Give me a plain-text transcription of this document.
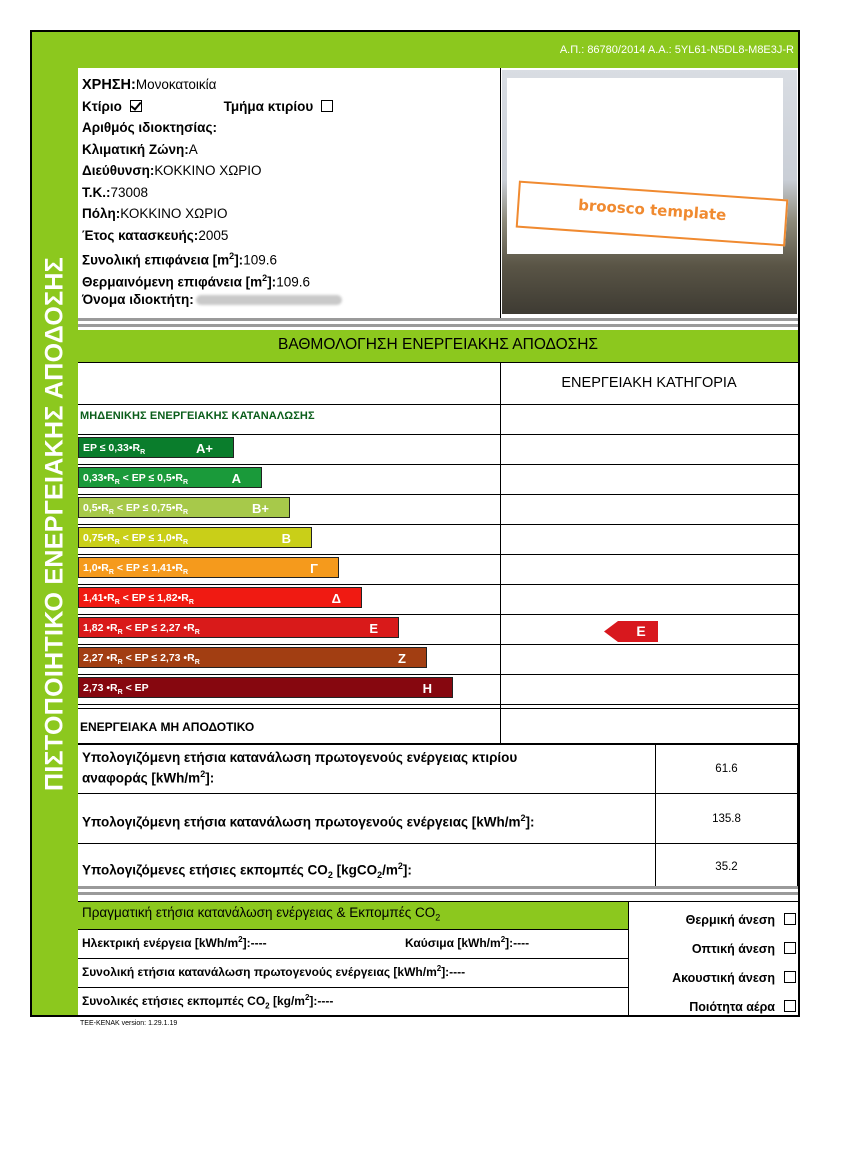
ΠΙΣΤΟΠΟΙΗΤΙΚΟ ΕΝΕΡΓΕΙΑΚΗΣ ΑΠΟΔΟΣΗΣ
Α.Π.: 86780/2014 Α.Α.: 5YL61-N5DL8-M8E3J-R
ΧΡΗΣΗ:Μονοκατοικία
Κτίριο	Τμήμα κτιρίου
Αριθμός ιδιοκτησίας:
Κλιματική Ζώνη:Α
Διεύθυνση:ΚΟΚΚΙΝΟ ΧΩΡΙΟ
Τ.Κ.:73008
Πόλη:ΚΟΚΚΙΝΟ ΧΩΡΙΟ
Έτος κατασκευής:2005
Συνολική επιφάνεια $[m^2]:109.6$
Θερμαινόμενη επιφάνεια $[m^2]:109.6$
Όνομα ιδιοκτήτη:
broosco template
ΒΑΘΜΟΛΟΓΗΣΗ ΕΝΕΡΓΕΙΑΚΗΣ ΑΠΟΔΟΣΗΣ
ΕΝΕΡΓΕΙΑΚΗ ΚΑΤΗΓΟΡΙΑ
ΜΗΔΕΝΙΚΗΣ ΕΝΕΡΓΕΙΑΚΗΣ ΚΑΤΑΝΑΛΩΣΗΣ
ΕΝΕΡΓΕΙΑΚΑ ΜΗ ΑΠΟΔΟΤΙΚΟ
EP ≤ $0,33•R_R$	A+
$0,33•R_R$ < EP ≤ $0,5•R_R$	A
$0,5•R_R$ < EP ≤ $0,75•R_R$	B+
$0,75•R_R$ < EP ≤ $1,0•R_R$	B
$1,0•R_R$ < EP ≤ $1,41•R_R$	Γ
$1,41•R_R$ < EP ≤ $1,82•R_R$	Δ
1,82 $•R_R$ < EP ≤ 2,27 $•R_R$	Ε
2,27 $•R_R$ < EP ≤ 2,73 $•R_R$	Ζ
2,73 $•R_R$ < EP	Η
Ε
Υπολογιζόμενη ετήσια κατανάλωση πρωτογενούς ενέργειας κτιρίου
αναφοράς $[kWh/m^2]$:
61.6
Υπολογιζόμενη ετήσια κατανάλωση πρωτογενούς ενέργειας $[kWh/m^2]$:	135.8
Υπολογιζόμενες ετήσιες εκπομπές $CO_2$ $[kgCO_2/m^2]$:	35.2
Πραγματική ετήσια κατανάλωση ενέργειας & Εκπομπές $CO_2$
Ηλεκτρική ενέργεια $[kWh/m^2]:----$	Καύσιμα $[kWh/m^2]:----$
Συνολική ετήσια κατανάλωση πρωτογενούς ενέργειας $[kWh/m^2]:----$
Συνολικές ετήσιες εκπομπές $CO_2$ $[kg/m^2]:----$
Θερμική άνεση
Οπτική άνεση
Ακουστική άνεση
Ποιότητα αέρα
TEE-KENAK version: 1.29.1.19
